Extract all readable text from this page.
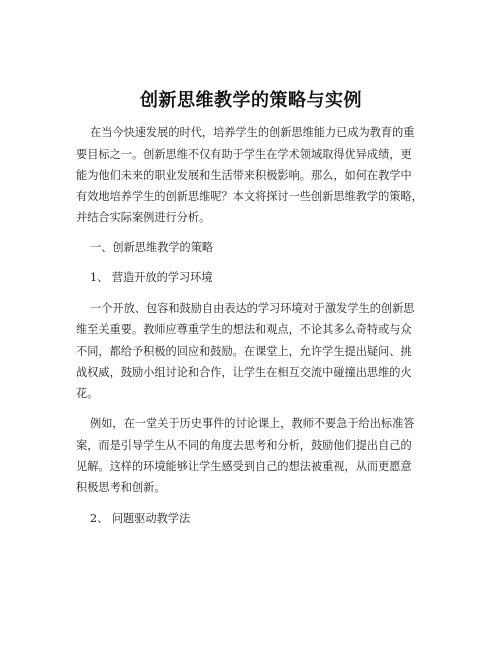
创新思维教学的策略与实例
在当今快速发展的时代，培养学生的创新思维能力已成为教育的重
要目标之一。创新思维不仅有助于学生在学术领域取得优异成绩，更
能为他们未来的职业发展和生活带来积极影响。那么，如何在教学中
有效地培养学生的创新思维呢？本文将探讨一些创新思维教学的策略，
并结合实际案例进行分析。
一、创新思维教学的策略
1、 营造开放的学习环境
一个开放、包容和鼓励自由表达的学习环境对于激发学生的创新思
维至关重要。教师应尊重学生的想法和观点，不论其多么奇特或与众
不同，都给予积极的回应和鼓励。在课堂上，允许学生提出疑问、挑
战权威，鼓励小组讨论和合作，让学生在相互交流中碰撞出思维的火
花。
例如，在一堂关于历史事件的讨论课上，教师不要急于给出标准答
案，而是引导学生从不同的角度去思考和分析，鼓励他们提出自己的
见解。这样的环境能够让学生感受到自己的想法被重视，从而更愿意
积极思考和创新。
2、 问题驱动教学法
